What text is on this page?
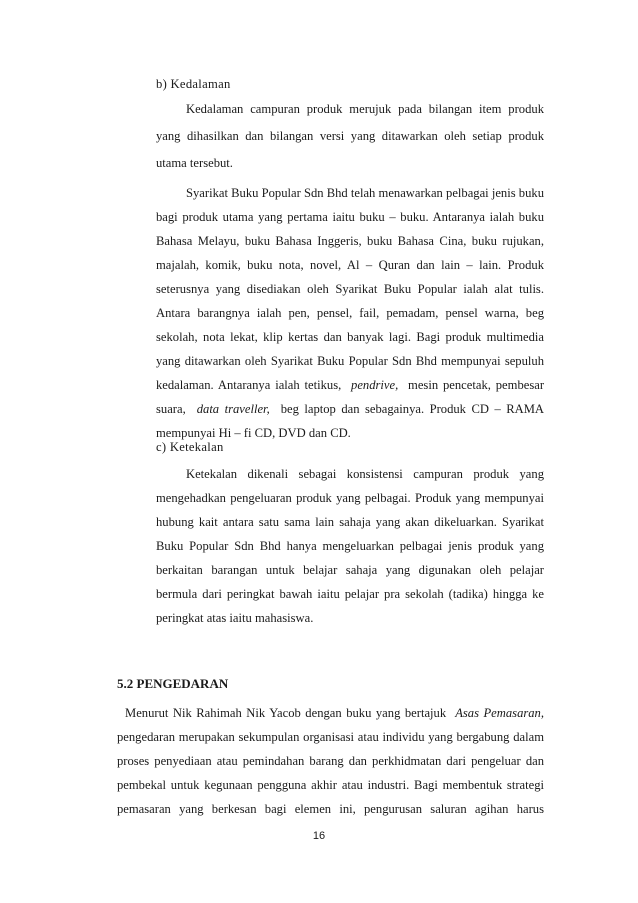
b) Kedalaman
Kedalaman campuran produk merujuk pada bilangan item produk
yang dihasilkan dan bilangan versi yang ditawarkan oleh setiap produk
utama tersebut.
Syarikat Buku Popular Sdn Bhd telah menawarkan pelbagai jenis buku
bagi produk utama yang pertama iaitu buku – buku. Antaranya ialah buku
Bahasa Melayu, buku Bahasa Inggeris, buku Bahasa Cina, buku rujukan,
majalah, komik, buku nota, novel, Al – Quran dan lain – lain. Produk
seterusnya yang disediakan oleh Syarikat Buku Popular ialah alat tulis.
Antara barangnya ialah pen, pensel, fail, pemadam, pensel warna, beg
sekolah, nota lekat, klip kertas dan banyak lagi. Bagi produk multimedia
yang ditawarkan oleh Syarikat Buku Popular Sdn Bhd mempunyai sepuluh
kedalaman. Antaranya ialah tetikus, pendrive, mesin pencetak, pembesar
suara, data traveller, beg laptop dan sebagainya. Produk CD – RAMA
mempunyai Hi – fi CD, DVD dan CD.
c) Ketekalan
Ketekalan dikenali sebagai konsistensi campuran produk yang
mengehadkan pengeluaran produk yang pelbagai. Produk yang mempunyai
hubung kait antara satu sama lain sahaja yang akan dikeluarkan. Syarikat
Buku Popular Sdn Bhd hanya mengeluarkan pelbagai jenis produk yang
berkaitan barangan untuk belajar sahaja yang digunakan oleh pelajar
bermula dari peringkat bawah iaitu pelajar pra sekolah (tadika) hingga ke
peringkat atas iaitu mahasiswa.
5.2 PENGEDARAN
Menurut Nik Rahimah Nik Yacob dengan buku yang bertajuk Asas Pemasaran,
pengedaran merupakan sekumpulan organisasi atau individu yang bergabung dalam
proses penyediaan atau pemindahan barang dan perkhidmatan dari pengeluar dan
pembekal untuk kegunaan pengguna akhir atau industri. Bagi membentuk strategi
pemasaran yang berkesan bagi elemen ini, pengurusan saluran agihan harus
16
